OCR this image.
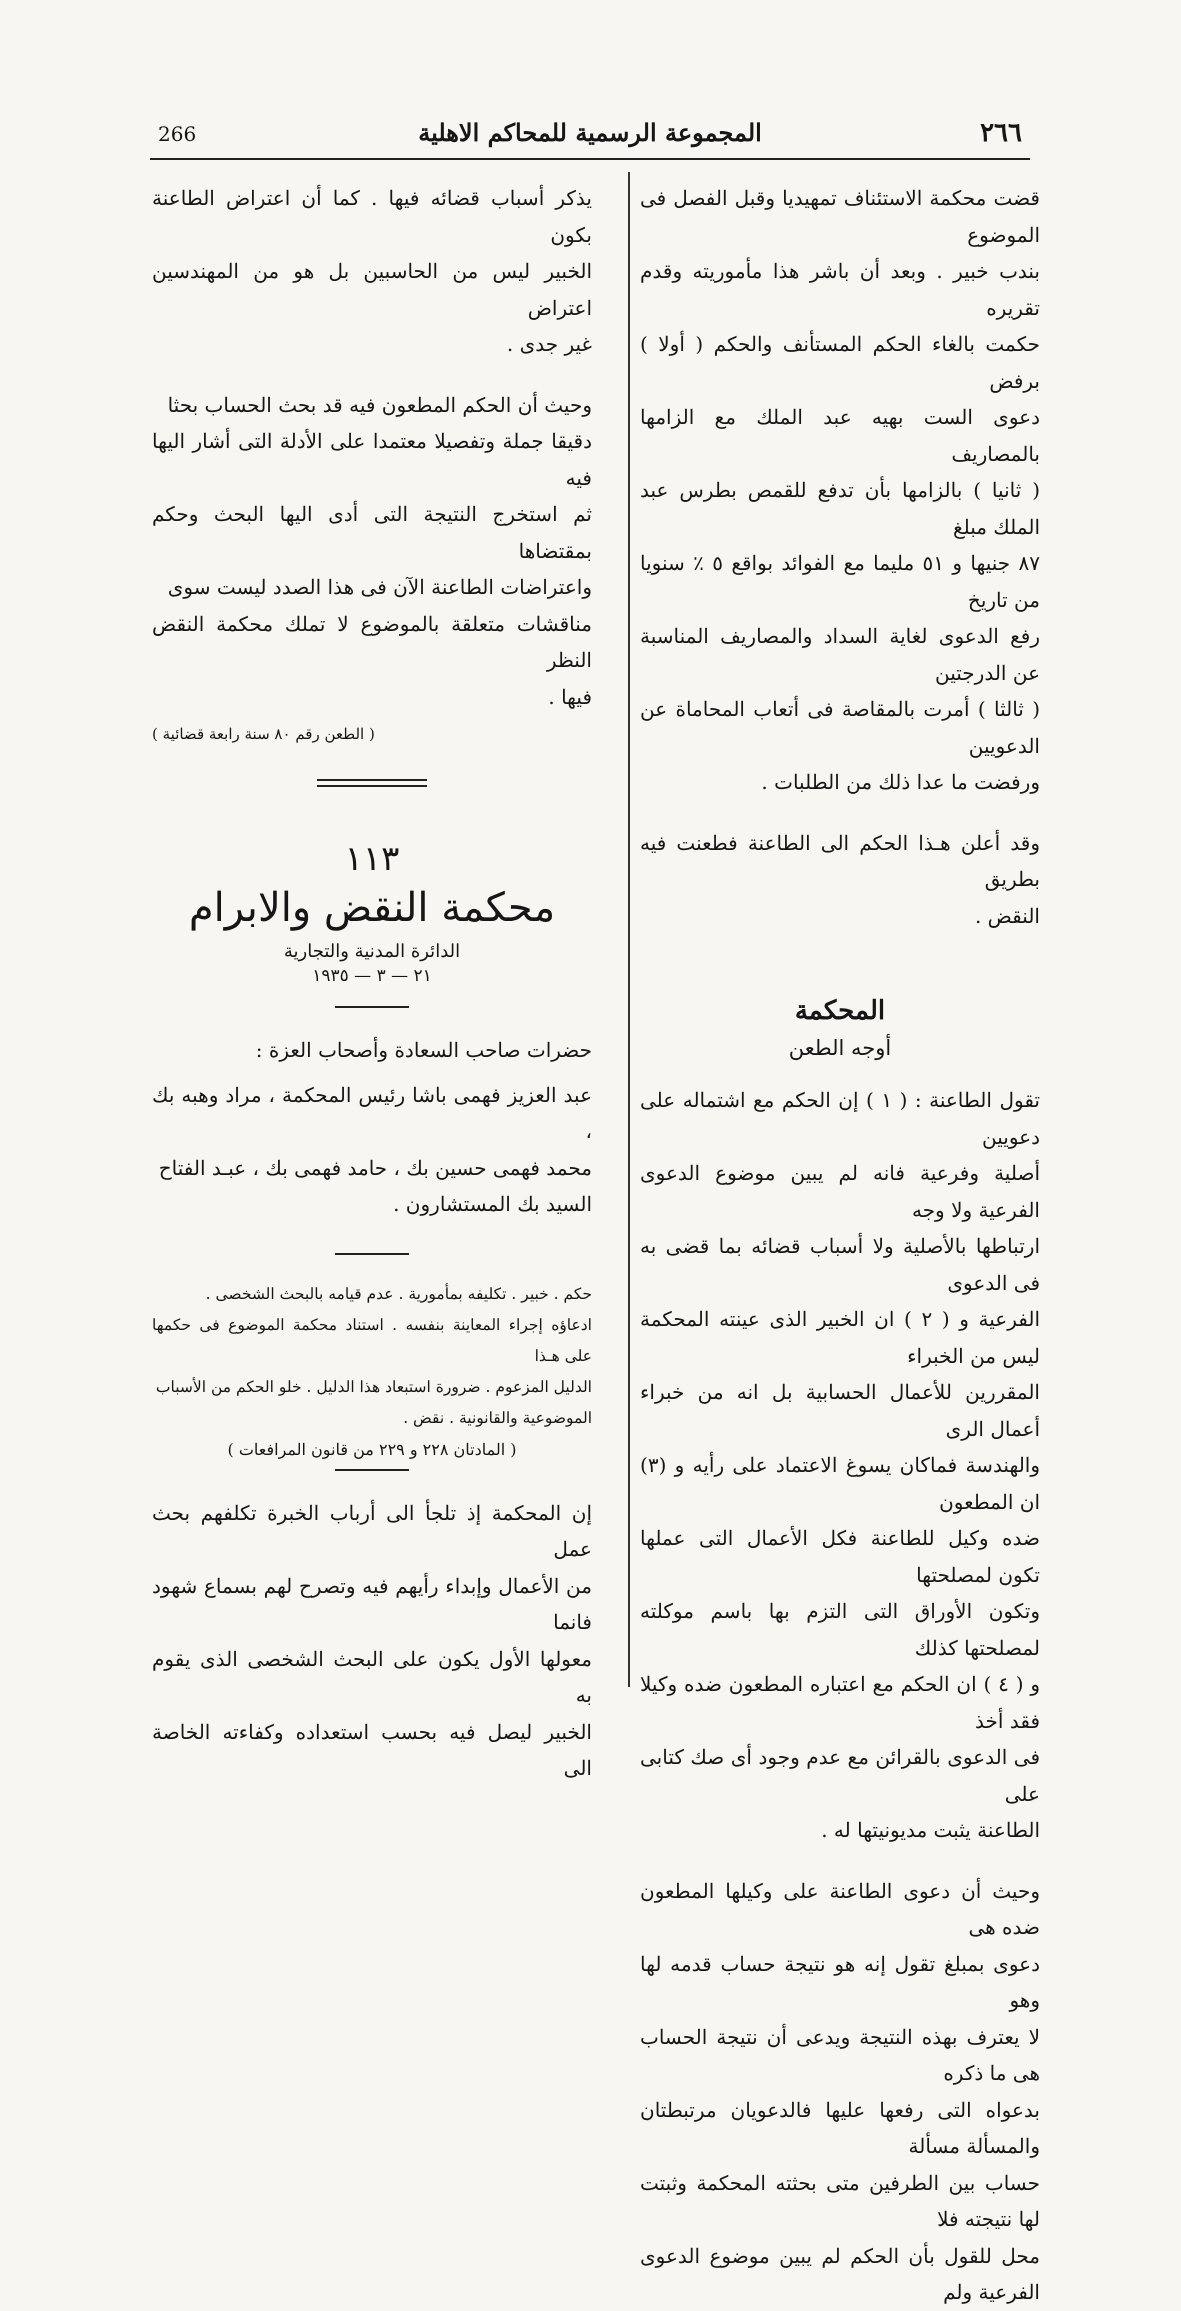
266	المجموعة الرسمية للمحاكم الاهلية	٢٦٦

قضت محكمة الاستئناف تمهيديا وقبل الفصل فى الموضوع

بندب خبير . وبعد أن باشر هذا مأموريته وقدم تقريره

حكمت بالغاء الحكم المستأنف والحكم ( أولا ) برفض

دعوى الست بهيه عبد الملك مع الزامها بالمصاريف

( ثانيا ) بالزامها بأن تدفع للقمص بطرس عبد الملك مبلغ

٨٧ جنيها و ٥١ مليما مع الفوائد بواقع ٥ ٪ سنويا من تاريخ

رفع الدعوى لغاية السداد والمصاريف المناسبة عن الدرجتين

( ثالثا ) أمرت بالمقاصة فى أتعاب المحاماة عن الدعويين

ورفضت ما عدا ذلك من الطلبات .

وقد أعلن هـذا الحكم الى الطاعنة فطعنت فيه بطريق

النقض .

المحكمة
أوجه الطعن

تقول الطاعنة : ( ١ ) إن الحكم مع اشتماله على دعويين

أصلية وفرعية فانه لم يبين موضوع الدعوى الفرعية ولا وجه

ارتباطها بالأصلية ولا أسباب قضائه بما قضى به فى الدعوى

الفرعية و ( ٢ ) ان الخبير الذى عينته المحكمة ليس من الخبراء

المقررين للأعمال الحسابية بل انه من خبراء أعمال الرى

والهندسة فماكان يسوغ الاعتماد على رأيه و (٣) ان المطعون

ضده وكيل للطاعنة فكل الأعمال التى عملها تكون لمصلحتها

وتكون الأوراق التى التزم بها باسم موكلته لمصلحتها كذلك

و ( ٤ ) ان الحكم مع اعتباره المطعون ضده وكيلا فقد أخذ

فى الدعوى بالقرائن مع عدم وجود أى صك كتابى على

الطاعنة يثبت مديونيتها له .

وحيث أن دعوى الطاعنة على وكيلها المطعون ضده هى

دعوى بمبلغ تقول إنه هو نتيجة حساب قدمه لها وهو

لا يعترف بهذه النتيجة ويدعى أن نتيجة الحساب هى ما ذكره

بدعواه التى رفعها عليها فالدعويان مرتبطتان والمسألة مسألة

حساب بين الطرفين متى بحثته المحكمة وثبتت لها نتيجته فلا

محل للقول بأن الحكم لم يبين موضوع الدعوى الفرعية ولم

يذكر أسباب قضائه فيها . كما أن اعتراض الطاعنة بكون

الخبير ليس من الحاسبين بل هو من المهندسين اعتراض

غير جدى .

وحيث أن الحكم المطعون فيه قد بحث الحساب بحثا

دقيقا جملة وتفصيلا معتمدا على الأدلة التى أشار اليها فيه

ثم استخرج النتيجة التى أدى اليها البحث وحكم بمقتضاها

واعتراضات الطاعنة الآن فى هذا الصدد ليست سوى

مناقشات متعلقة بالموضوع لا تملك محكمة النقض النظر

فيها .

( الطعن رقم ٨٠ سنة رابعة قضائية )
١١٣
محكمة النقض والابرام
الدائرة المدنية والتجارية
٢١ — ٣ — ١٩٣٥

حضرات صاحب السعادة وأصحاب العزة :

عبد العزيز فهمى باشا رئيس المحكمة ، مراد وهبه بك ،

محمد فهمى حسين بك ، حامد فهمى بك ، عبـد الفتاح

السيد بك المستشارون .

حكم . خبير . تكليفه بمأمورية . عدم قيامه بالبحث الشخصى .

ادعاؤه إجراء المعاينة بنفسه . استناد محكمة الموضوع فى حكمها على هـذا

الدليل المزعوم . ضرورة استبعاد هذا الدليل . خلو الحكم من الأسباب

الموضوعية والقانونية . نقض .

( المادتان ٢٢٨ و ٢٢٩ من قانون المرافعات )

إن المحكمة إذ تلجأ الى أرباب الخبرة تكلفهم بحث عمل

من الأعمال وإبداء رأيهم فيه وتصرح لهم بسماع شهود فانما

معولها الأول يكون على البحث الشخصى الذى يقوم به

الخبير ليصل فيه بحسب استعداده وكفاءته الخاصة الى
